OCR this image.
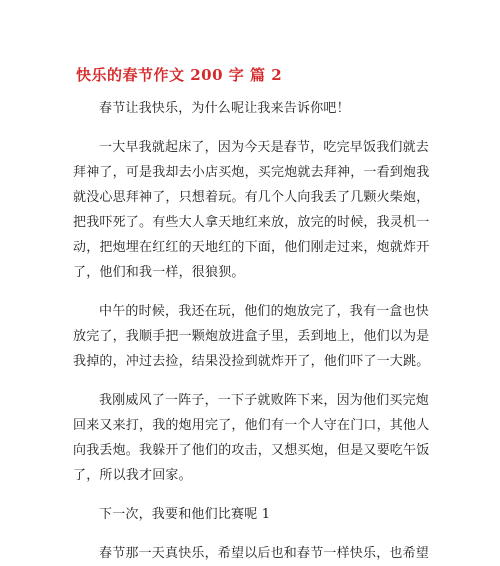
快乐的春节作文 200 字 篇 2
春节让我快乐，为什么呢让我来告诉你吧！
一大早我就起床了，因为今天是春节，吃完早饭我们就去
拜神了，可是我却去小店买炮，买完炮就去拜神，一看到炮我
就没心思拜神了，只想着玩。有几个人向我丢了几颗火柴炮，
把我吓死了。有些大人拿天地红来放，放完的时候，我灵机一
动，把炮埋在红红的天地红的下面，他们刚走过来，炮就炸开
了，他们和我一样，很狼狈。
中午的时候，我还在玩，他们的炮放完了，我有一盒也快
放完了，我顺手把一颗炮放进盒子里，丢到地上，他们以为是
我掉的，冲过去捡，结果没捡到就炸开了，他们吓了一大跳。
我刚威风了一阵子，一下子就败阵下来，因为他们买完炮
回来又来打，我的炮用完了，他们有一个人守在门口，其他人
向我丢炮。我躲开了他们的攻击，又想买炮，但是又要吃午饭
了，所以我才回家。
下一次，我要和他们比赛呢 1
春节那一天真快乐，希望以后也和春节一样快乐，也希望
